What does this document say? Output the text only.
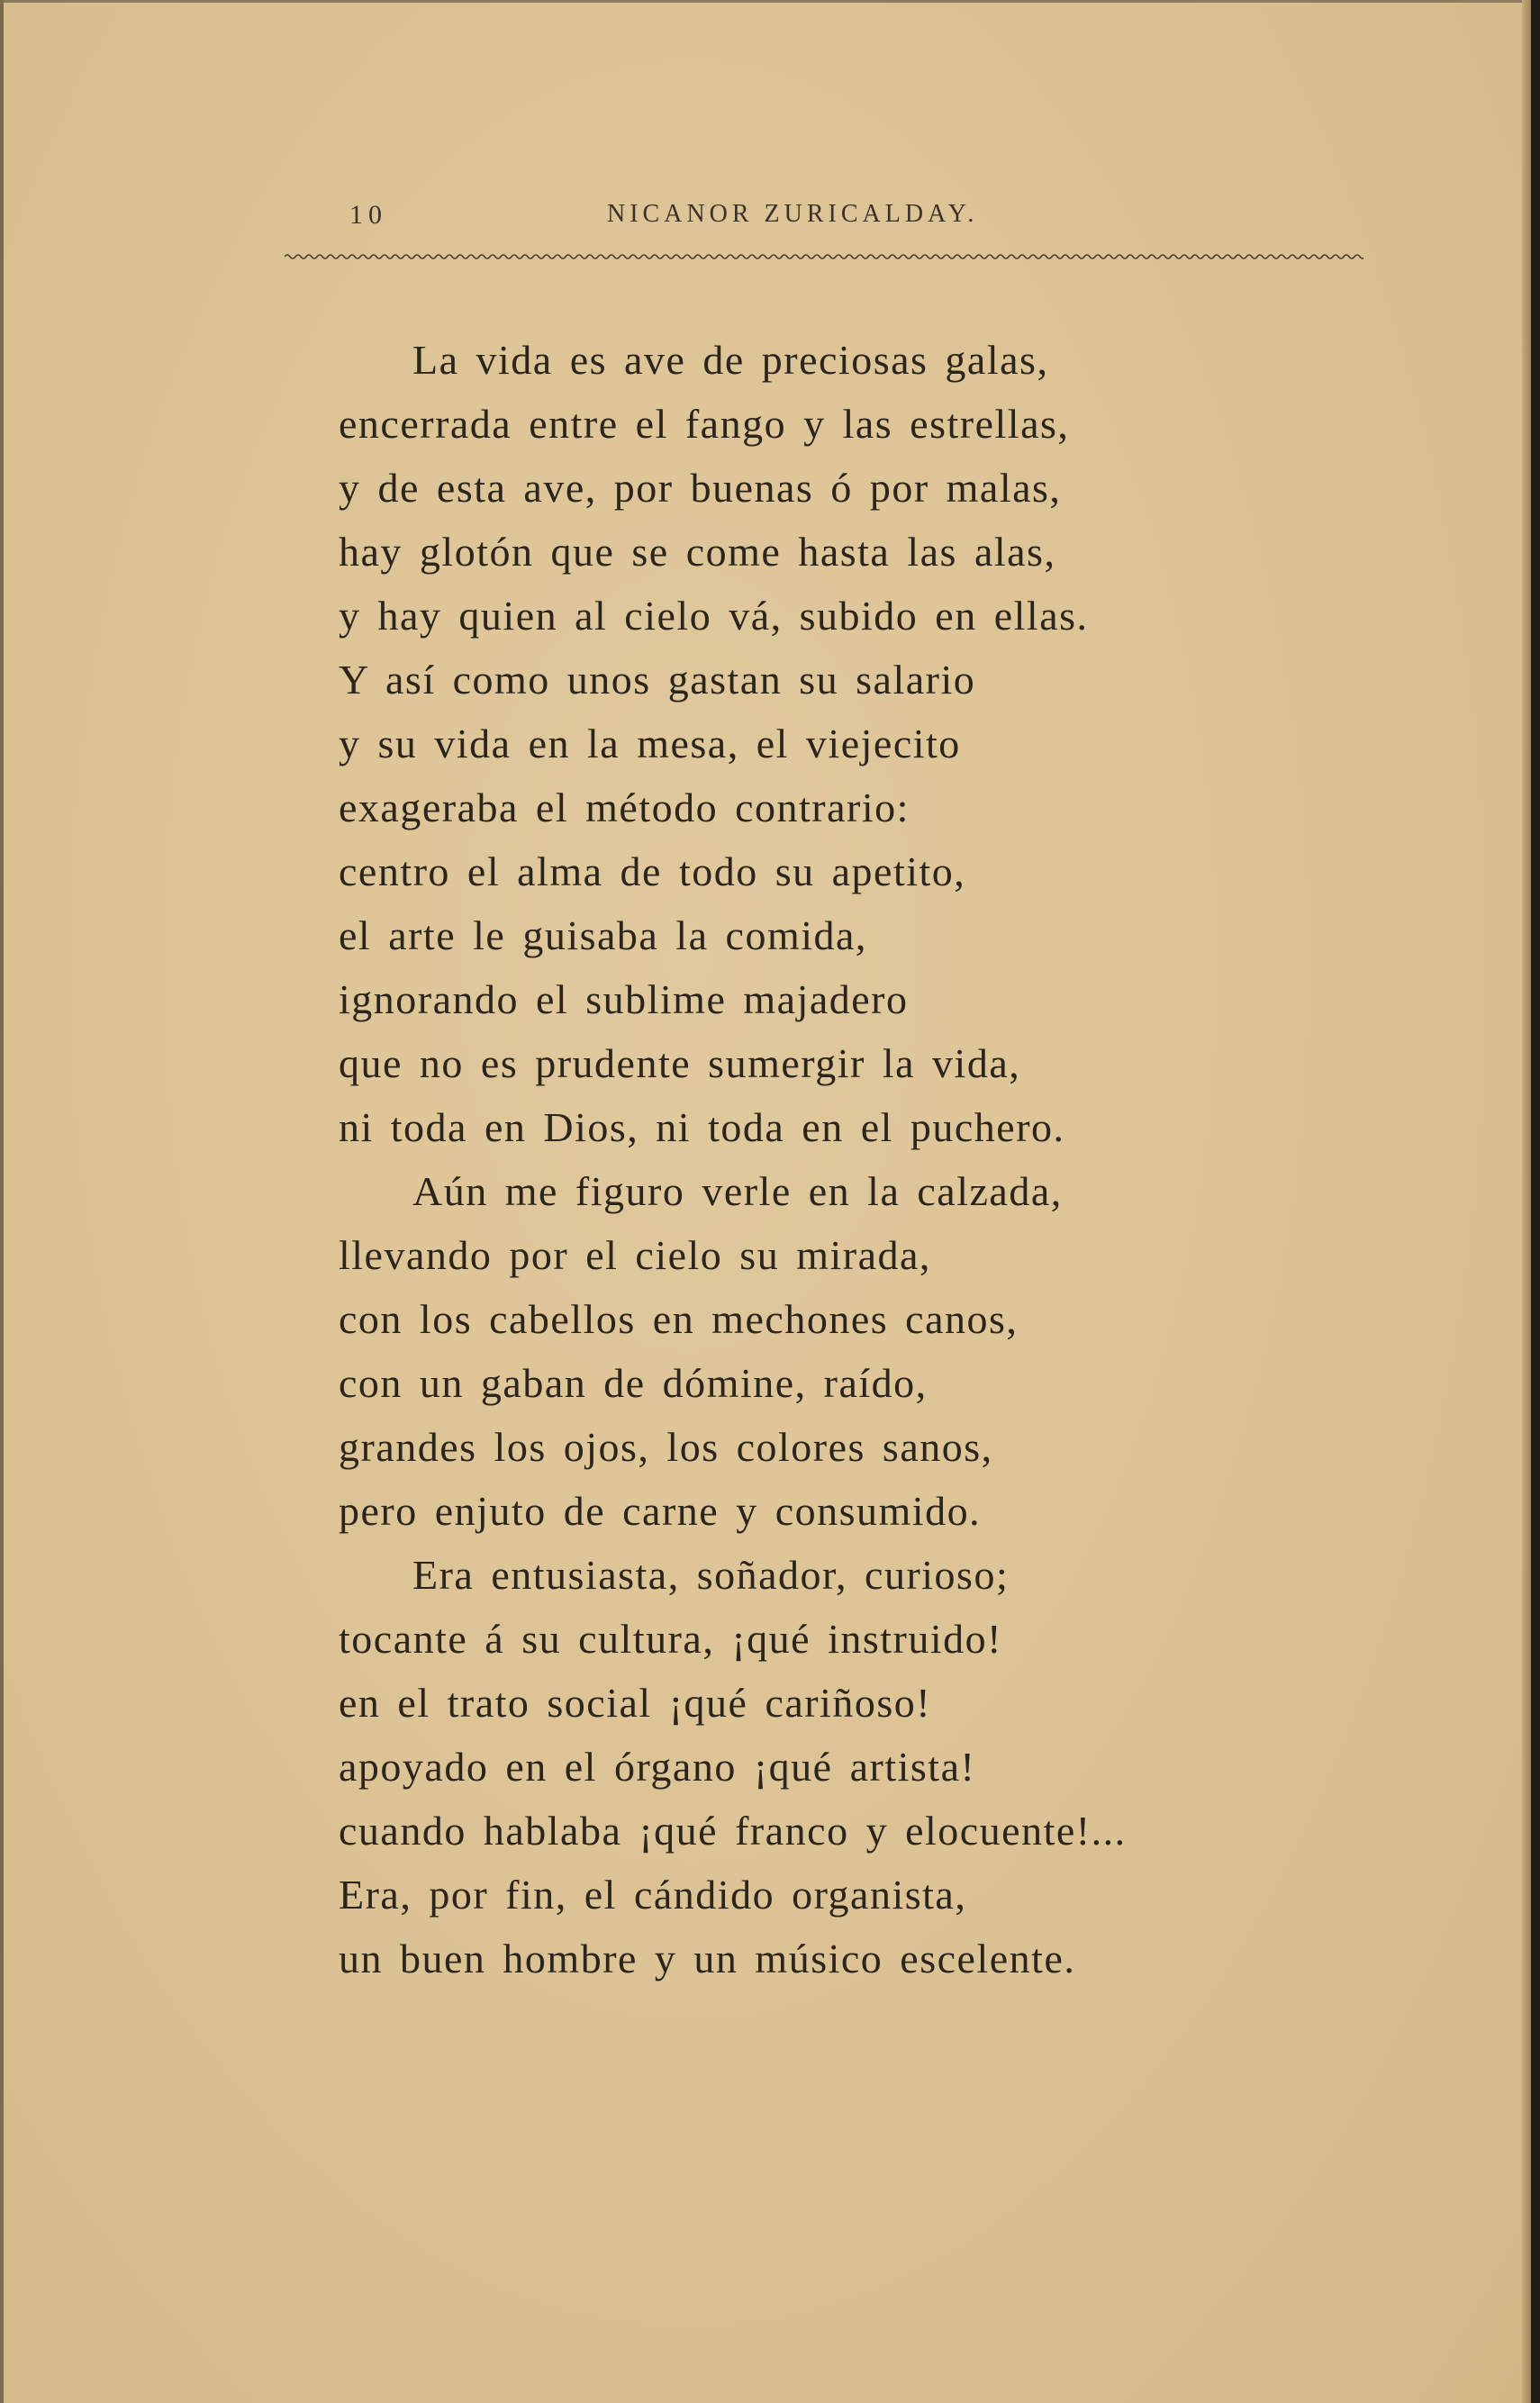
10	NICANOR ZURICALDAY.
La vida es ave de preciosas galas,
encerrada entre el fango y las estrellas,
y de esta ave, por buenas ó por malas,
hay glotón que se come hasta las alas,
y hay quien al cielo vá, subido en ellas.
Y así como unos gastan su salario
y su vida en la mesa, el viejecito
exageraba el método contrario:
centro el alma de todo su apetito,
el arte le guisaba la comida,
ignorando el sublime majadero
que no es prudente sumergir la vida,
ni toda en Dios, ni toda en el puchero.
Aún me figuro verle en la calzada,
llevando por el cielo su mirada,
con los cabellos en mechones canos,
con un gaban de dómine, raído,
grandes los ojos, los colores sanos,
pero enjuto de carne y consumido.
Era entusiasta, soñador, curioso;
tocante á su cultura, ¡qué instruido!
en el trato social ¡qué cariñoso!
apoyado en el órgano ¡qué artista!
cuando hablaba ¡qué franco y elocuente!...
Era, por fin, el cándido organista,
un buen hombre y un músico escelente.
